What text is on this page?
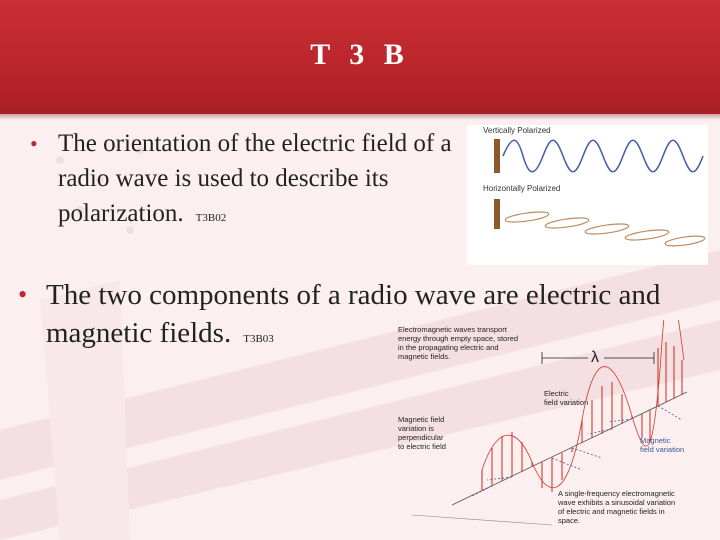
T 3 B
• The orientation of the electric field of a radio wave is used to describe its polarization. T3B02
• The two components of a radio wave are electric and magnetic fields. T3B03
Vertically Polarized
Horizontally Polarized
Electromagnetic waves transport energy through empty space, stored in the propagating electric and magnetic fields.	λ
Electric field variation
Magnetic field variation is perpendicular to electric field
Magnetic field variation
A single-frequency electromagnetic wave exhibits a sinusoidal variation of electric and magnetic fields in space.
